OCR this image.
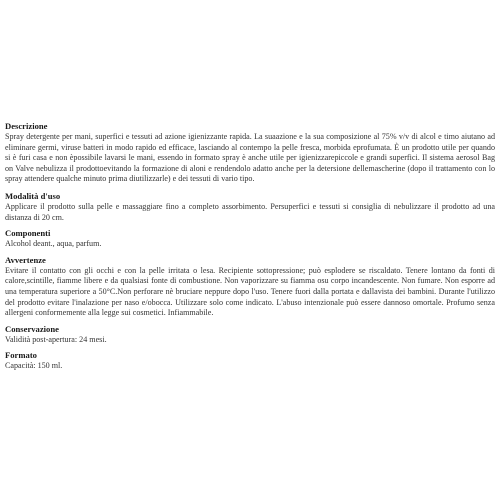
Descrizione

Spray detergente per mani, superfici e tessuti ad azione igienizzante rapida. La suaazione e la sua composizione al 75% v/v di alcol e timo aiutano ad eliminare germi, viruse batteri in modo rapido ed efficace, lasciando al contempo la pelle fresca, morbida eprofumata. È un prodotto utile per quando si è furi casa e non èpossibile lavarsi le mani, essendo in formato spray è anche utile per igienizzarepiccole e grandi superfici. Il sistema aerosol Bag on Valve nebulizza il prodottoevitando la formazione di aloni e rendendolo adatto anche per la detersione dellemascherine (dopo il trattamento con lo spray attendere qualche minuto prima diutilizzarle) e dei tessuti di vario tipo.

Modalità d'uso

Applicare il prodotto sulla pelle e massaggiare fino a completo assorbimento. Persuperfici e tessuti si consiglia di nebulizzare il prodotto ad una distanza di 20 cm.

Componenti

Alcohol deant., aqua, parfum.

Avvertenze

Evitare il contatto con gli occhi e con la pelle irritata o lesa. Recipiente sottopressione; può esplodere se riscaldato. Tenere lontano da fonti di calore,scintille, fiamme libere e da qualsiasi fonte di combustione. Non vaporizzare su fiamma osu corpo incandescente. Non fumare. Non esporre ad una temperatura superiore a 50°C.Non perforare nè bruciare neppure dopo l'uso. Tenere fuori dalla portata e dallavista dei bambini. Durante l'utilizzo del prodotto evitare l'inalazione per naso e/obocca. Utilizzare solo come indicato. L'abuso intenzionale può essere dannoso omortale. Profumo senza allergeni conformemente alla legge sui cosmetici. Infiammabile.

Conservazione

Validità post-apertura: 24 mesi.

Formato

Capacità: 150 ml.
